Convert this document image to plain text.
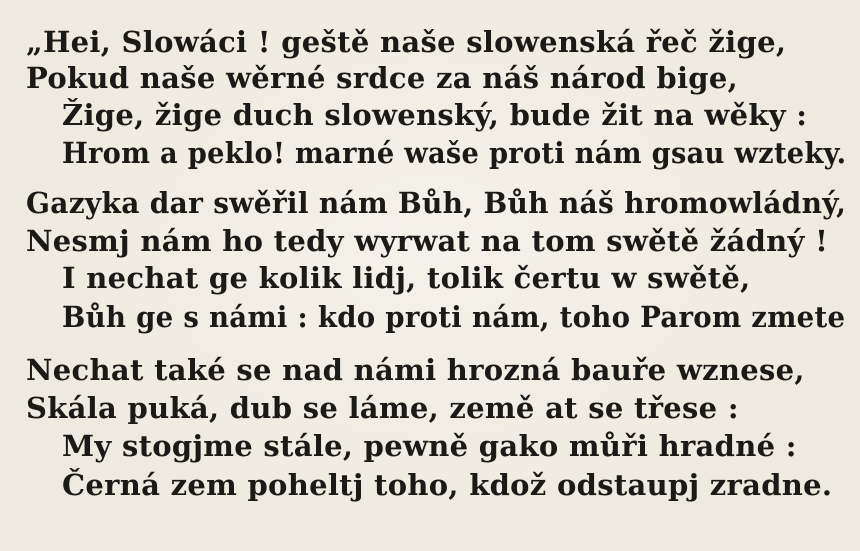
„Hei, Slowáci ! geště naše slowenská řeč žige,
Pokud naše wěrné srdce za náš národ bige,
Žige, žige duch slowenský, bude žit na wěky :
Hrom a peklo! marné waše proti nám gsau wzteky.
Gazyka dar swěřil nám Bůh, Bůh náš hromowládný,
Nesmj nám ho tedy wyrwat na tom swětě žádný !
I nechat ge kolik lidj, tolik čertu w swětě,
Bůh ge s námi : kdo proti nám, toho Parom zmete
Nechat také se nad námi hrozná bauře wznese,
Skála puká, dub se láme, země at se třese :
My stogjme stále, pewně gako můři hradné :
Černá zem poheltj toho, kdož odstaupj zradne.
